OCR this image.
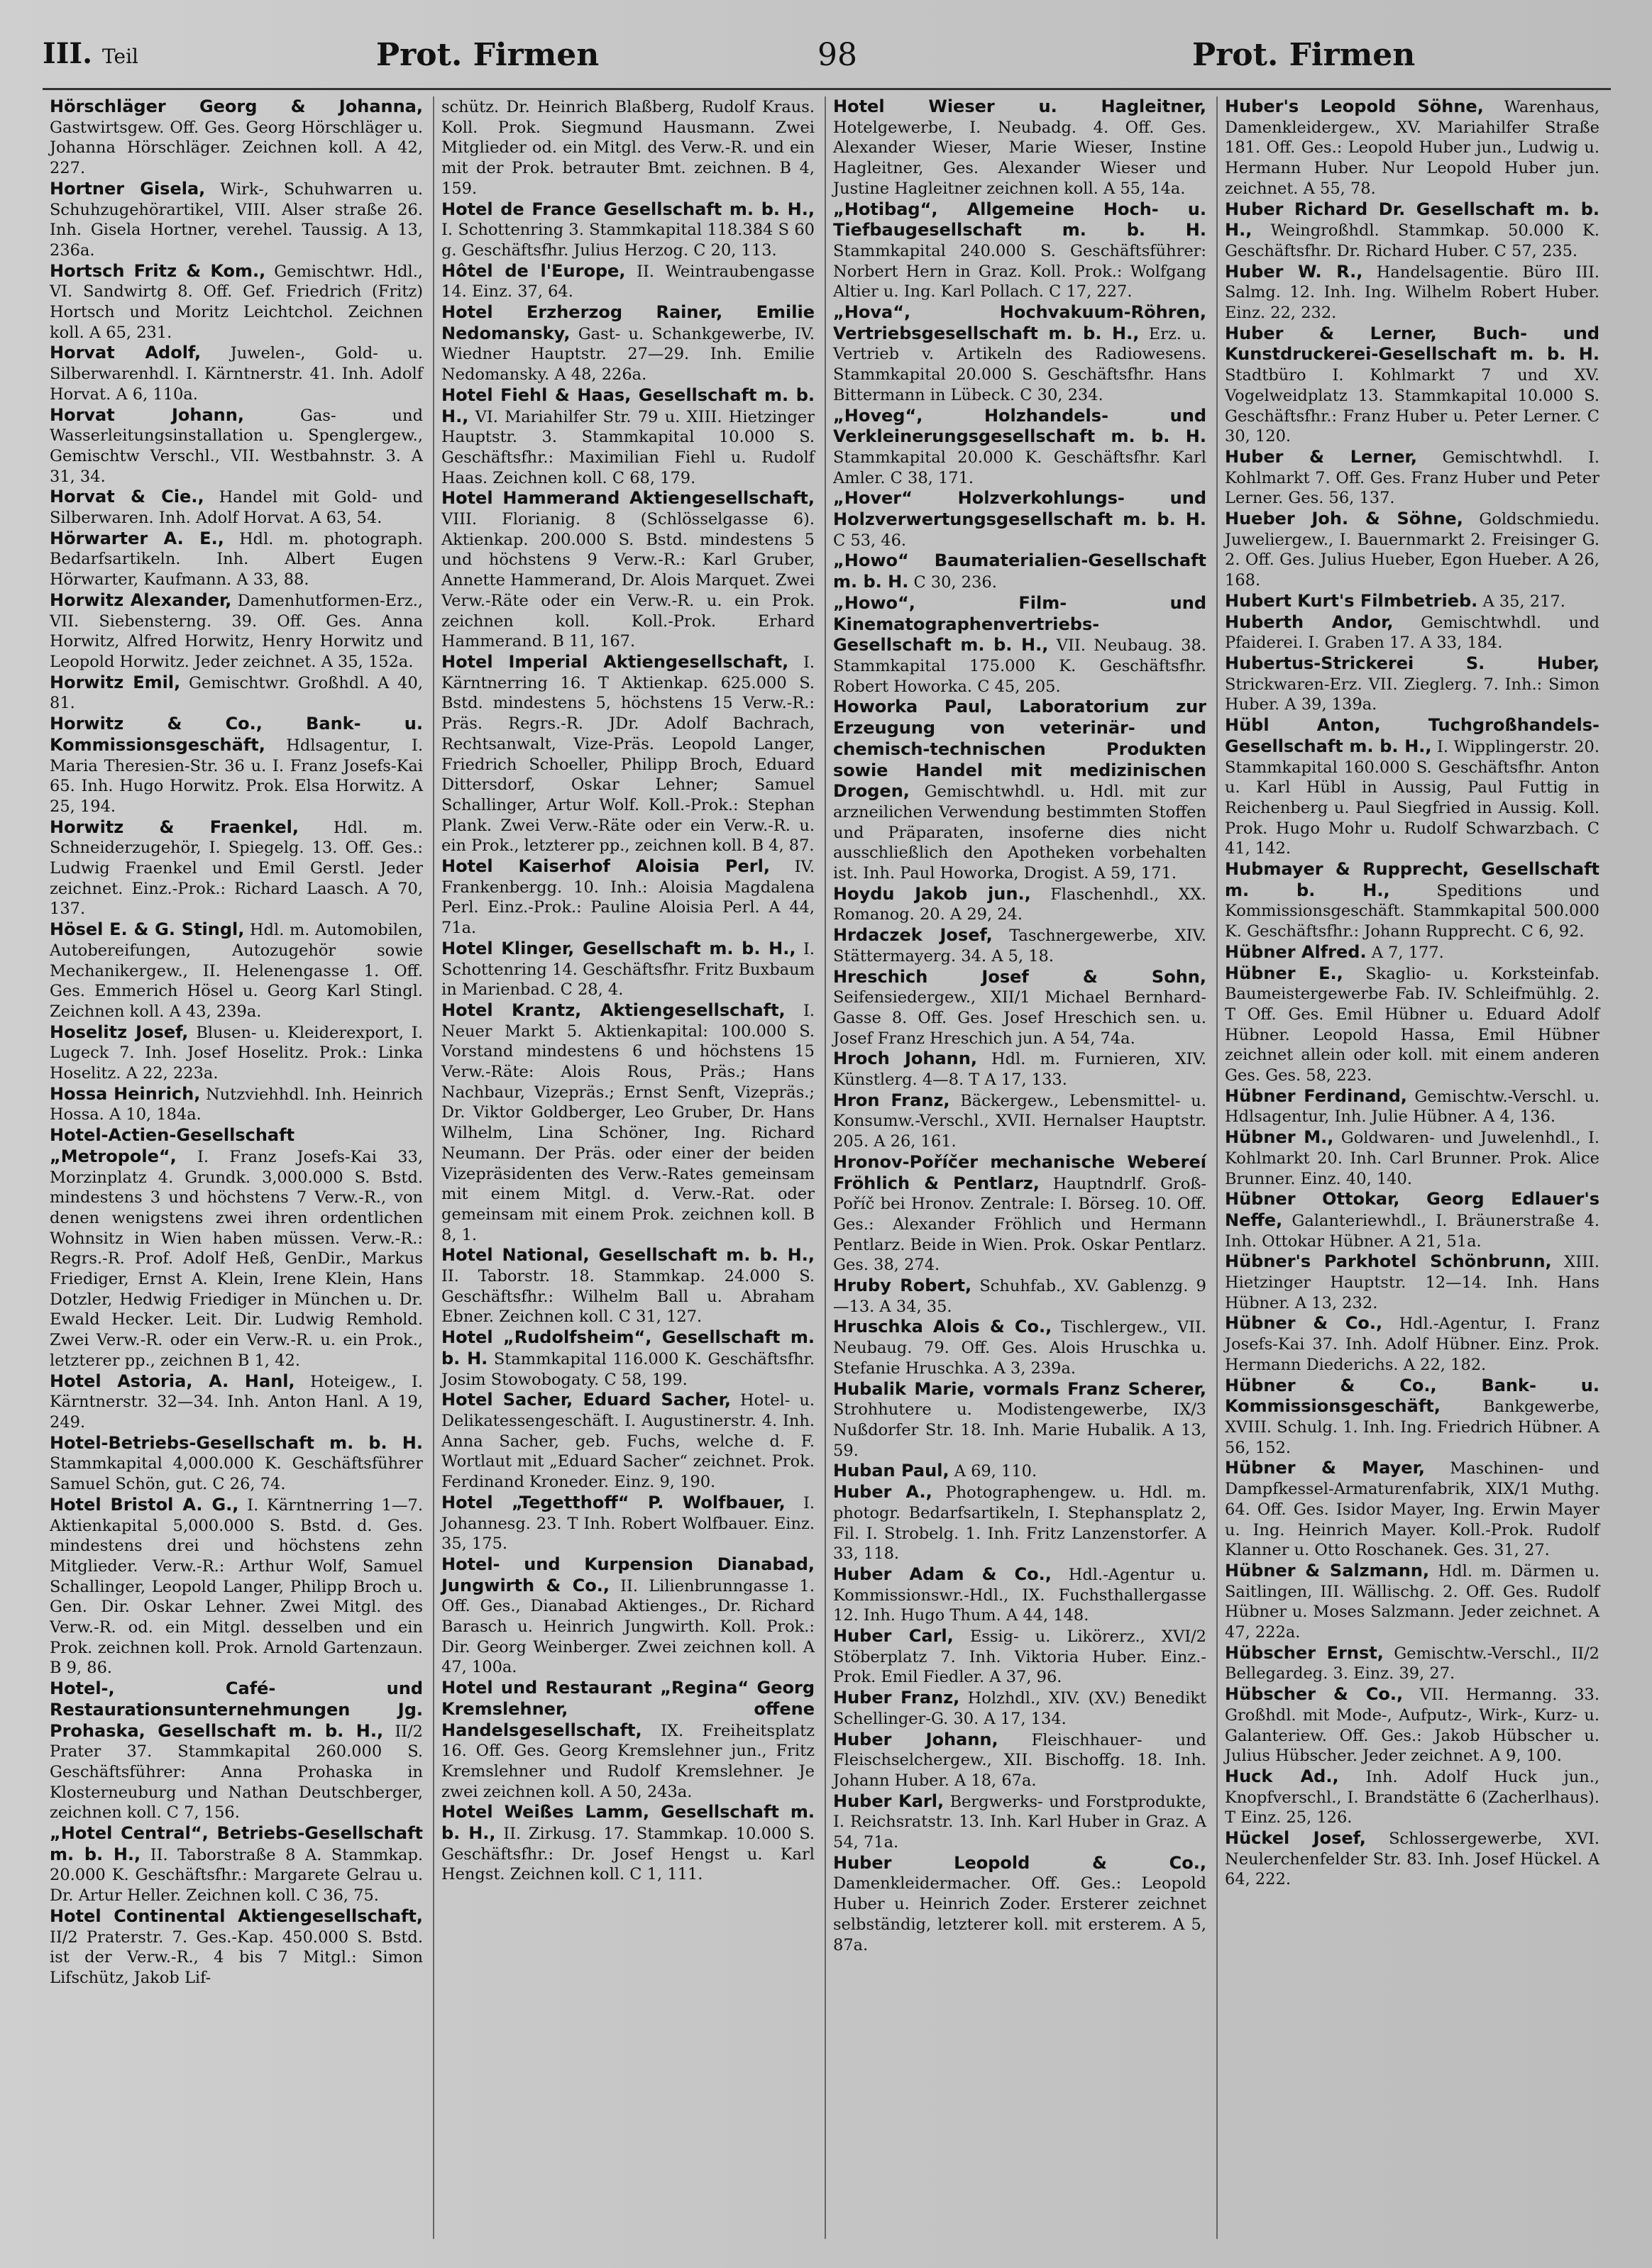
III. Teil	Prot. Firmen	98	Prot. Firmen

Hörschläger Georg & Johanna, Gastwirtsgew. Off. Ges. Georg Hörschläger u. Johanna Hörschläger. Zeichnen koll. A 42, 227.

Hortner Gisela, Wirk-, Schuhwarren u. Schuhzugehörartikel, VIII. Alser straße 26. Inh. Gisela Hortner, verehel. Taussig. A 13, 236a.

Hortsch Fritz & Kom., Gemischtwr. Hdl., VI. Sandwirtg 8. Off. Gef. Friedrich (Fritz) Hortsch und Moritz Leichtchol. Zeichnen koll. A 65, 231.

Horvat Adolf, Juwelen-, Gold- u. Silberwarenhdl. I. Kärntnerstr. 41. Inh. Adolf Horvat. A 6, 110a.

Horvat Johann,	Gas- und Wasserleitungsinstallation u. Spenglergew., Gemischtw Verschl., VII. Westbahnstr. 3. A 31, 34.

Horvat & Cie., Handel mit Gold- und Silberwaren. Inh. Adolf Horvat. A 63, 54.

Hörwarter A. E., Hdl. m. photograph. Bedarfsartikeln. Inh. Albert Eugen Hörwarter, Kaufmann. A 33, 88.

Horwitz Alexander, Damenhutformen-Erz., VII. Siebensterng. 39. Off. Ges. Anna Horwitz, Alfred Horwitz, Henry Horwitz und Leopold Horwitz. Jeder zeichnet. A 35, 152a.

Horwitz Emil, Gemischtwr. Großhdl. A 40, 81.

Horwitz & Co., Bank- u. Kommissionsgeschäft, Hdlsagentur, I. Maria Theresien-Str. 36 u. I. Franz Josefs-Kai 65. Inh. Hugo Horwitz. Prok. Elsa Horwitz. A 25, 194.

Horwitz & Fraenkel, Hdl. m. Schneiderzugehör, I. Spiegelg. 13. Off. Ges.: Ludwig Fraenkel und Emil Gerstl. Jeder zeichnet. Einz.-Prok.: Richard Laasch. A 70, 137.

Hösel E. & G. Stingl, Hdl. m. Automobilen, Autobereifungen, Autozugehör sowie Mechanikergew., II. Helenengasse 1. Off. Ges. Emmerich Hösel u. Georg Karl Stingl. Zeichnen koll. A 43, 239a.

Hoselitz Josef, Blusen- u. Kleiderexport, I. Lugeck 7. Inh. Josef Hoselitz. Prok.: Linka Hoselitz. A 22, 223a.

Hossa Heinrich, Nutzviehhdl. Inh. Heinrich Hossa. A 10, 184a.

Hotel-Actien-Gesellschaft „Metropole“, I. Franz Josefs-Kai 33, Morzinplatz 4. Grundk. 3,000.000 S. Bstd. mindestens 3 und höchstens 7 Verw.-R., von denen wenigstens zwei ihren ordentlichen Wohnsitz in Wien haben müssen. Verw.-R.: Regrs.-R. Prof. Adolf Heß, GenDir., Markus Friediger, Ernst A. Klein, Irene Klein, Hans Dotzler, Hedwig Friediger in München u. Dr. Ewald Hecker. Leit. Dir. Ludwig Remhold. Zwei Verw.-R. oder ein Verw.-R. u. ein Prok., letzterer pp., zeichnen B 1, 42.

Hotel Astoria, A. Hanl, Hoteigew., I. Kärntnerstr. 32—34. Inh. Anton Hanl. A 19, 249.

Hotel-Betriebs-Gesellschaft m. b. H. Stammkapital 4,000.000 K. Geschäftsführer Samuel Schön, gut. C 26, 74.

Hotel Bristol A. G., I. Kärntnerring 1—7. Aktienkapital 5,000.000 S. Bstd. d. Ges. mindestens drei und höchstens zehn Mitglieder. Verw.-R.: Arthur Wolf, Samuel Schallinger, Leopold Langer, Philipp Broch u. Gen. Dir. Oskar Lehner. Zwei Mitgl. des Verw.-R. od. ein Mitgl. desselben und ein Prok. zeichnen koll. Prok. Arnold Gartenzaun. B 9, 86.

Hotel-, Café- und Restaurationsunternehmungen Jg. Prohaska, Gesellschaft m. b. H., II/2 Prater 37. Stammkapital 260.000 S. Geschäftsführer: Anna Prohaska in Klosterneuburg und Nathan Deutschberger, zeichnen koll. C 7, 156.

„Hotel Central“, Betriebs-Gesellschaft m. b. H., II. Taborstraße 8 A. Stammkap. 20.000 K. Geschäftsfhr.: Margarete Gelrau u. Dr. Artur Heller. Zeichnen koll. C 36, 75.

Hotel Continental Aktiengesellschaft, II/2 Praterstr. 7. Ges.-Kap. 450.000 S. Bstd. ist der Verw.-R., 4 bis 7 Mitgl.: Simon Lifschütz, Jakob Lif-

schütz. Dr. Heinrich Blaßberg, Rudolf Kraus. Koll. Prok. Siegmund Hausmann. Zwei Mitglieder od. ein Mitgl. des Verw.-R. und ein mit der Prok. betrauter Bmt. zeichnen. B 4, 159.

Hotel de France Gesellschaft m. b. H., I. Schottenring 3. Stammkapital 118.384 S 60 g. Geschäftsfhr. Julius Herzog. C 20, 113.

Hôtel de l'Europe, II. Weintraubengasse 14. Einz. 37, 64.

Hotel Erzherzog Rainer, Emilie Nedomansky, Gast- u. Schankgewerbe, IV. Wiedner Hauptstr. 27—29. Inh. Emilie Nedomansky. A 48, 226a.

Hotel Fiehl & Haas, Gesellschaft m. b. H., VI. Mariahilfer Str. 79 u. XIII. Hietzinger Hauptstr. 3. Stammkapital 10.000 S. Geschäftsfhr.: Maximilian Fiehl u. Rudolf Haas. Zeichnen koll. C 68, 179.

Hotel Hammerand Aktiengesellschaft, VIII. Florianig. 8 (Schlösselgasse 6). Aktienkap. 200.000 S. Bstd. mindestens 5 und höchstens 9 Verw.-R.: Karl Gruber, Annette Hammerand, Dr. Alois Marquet. Zwei Verw.-Räte oder ein Verw.-R. u. ein Prok. zeichnen koll. Koll.-Prok. Erhard Hammerand. B 11, 167.

Hotel Imperial Aktiengesellschaft, I. Kärntnerring 16. T Aktienkap. 625.000 S. Bstd. mindestens 5, höchstens 15 Verw.-R.: Präs. Regrs.-R. JDr. Adolf Bachrach, Rechtsanwalt, Vize-Präs. Leopold Langer, Friedrich Schoeller, Philipp Broch, Eduard Dittersdorf, Oskar Lehner; Samuel Schallinger, Artur Wolf. Koll.-Prok.: Stephan Plank. Zwei Verw.-Räte oder ein Verw.-R. u. ein Prok., letzterer pp., zeichnen koll. B 4, 87.

Hotel Kaiserhof Aloisia Perl, IV. Frankenbergg. 10. Inh.: Aloisia Magdalena Perl. Einz.-Prok.: Pauline Aloisia Perl. A 44, 71a.

Hotel Klinger, Gesellschaft m. b. H., I. Schottenring 14. Geschäftsfhr. Fritz Buxbaum in Marienbad. C 28, 4.

Hotel Krantz, Aktiengesellschaft, I. Neuer Markt 5. Aktienkapital: 100.000 S. Vorstand mindestens 6 und höchstens 15 Verw.-Räte: Alois Rous, Präs.; Hans Nachbaur, Vizepräs.; Ernst Senft, Vizepräs.; Dr. Viktor Goldberger, Leo Gruber, Dr. Hans Wilhelm, Lina Schöner, Ing. Richard Neumann. Der Präs. oder einer der beiden Vizepräsidenten des Verw.-Rates gemeinsam mit einem Mitgl. d. Verw.-Rat. oder gemeinsam mit einem Prok. zeichnen koll. B 8, 1.

Hotel National, Gesellschaft m. b. H., II. Taborstr. 18. Stammkap. 24.000 S. Geschäftsfhr.: Wilhelm Ball u. Abraham Ebner. Zeichnen koll. C 31, 127.

Hotel „Rudolfsheim“, Gesellschaft m. b. H. Stammkapital 116.000 K. Geschäftsfhr. Josim Stowobogaty. C 58, 199.

Hotel Sacher, Eduard Sacher, Hotel- u. Delikatessengeschäft. I. Augustinerstr. 4. Inh. Anna Sacher, geb. Fuchs, welche d. F. Wortlaut mit „Eduard Sacher“ zeichnet. Prok. Ferdinand Kroneder. Einz. 9, 190.

Hotel „Tegetthoff“ P. Wolfbauer, I. Johannesg. 23. T Inh. Robert Wolfbauer. Einz. 35, 175.

Hotel- und Kurpension Dianabad, Jungwirth & Co., II. Lilienbrunngasse 1. Off. Ges., Dianabad Aktienges., Dr. Richard Barasch u. Heinrich Jungwirth. Koll. Prok.: Dir. Georg Weinberger. Zwei zeichnen koll. A 47, 100a.

Hotel und Restaurant „Regina“ Georg Kremslehner, offene Handelsgesellschaft, IX. Freiheitsplatz 16. Off. Ges. Georg Kremslehner jun., Fritz Kremslehner und Rudolf Kremslehner. Je zwei zeichnen koll. A 50, 243a.

Hotel Weißes Lamm, Gesellschaft m. b. H., II. Zirkusg. 17. Stammkap. 10.000 S. Geschäftsfhr.: Dr. Josef Hengst u. Karl Hengst. Zeichnen koll. C 1, 111.

Hotel Wieser u. Hagleitner, Hotelgewerbe, I. Neubadg. 4. Off. Ges. Alexander Wieser, Marie Wieser, Instine Hagleitner, Ges. Alexander Wieser und Justine Hagleitner zeichnen koll. A 55, 14a.

„Hotibag“, Allgemeine Hoch- u. Tiefbaugesellschaft m. b. H. Stammkapital 240.000 S. Geschäftsführer: Norbert Hern in Graz. Koll. Prok.: Wolfgang Altier u. Ing. Karl Pollach. C 17, 227.

„Hova“, Hochvakuum-Röhren, Vertriebsgesellschaft m. b. H., Erz. u. Vertrieb v. Artikeln des Radiowesens. Stammkapital 20.000 S. Geschäftsfhr. Hans Bittermann in Lübeck. C 30, 234.

„Hoveg“, Holzhandels- und Verkleinerungsgesellschaft m. b. H. Stammkapital 20.000 K. Geschäftsfhr. Karl Amler. C 38, 171.

„Hover“ Holzverkohlungs- und Holzverwertungsgesellschaft m. b. H. C 53, 46.

„Howo“ Baumaterialien-Gesellschaft m. b. H. C 30, 236.

„Howo“, Film- und Kinematographenvertriebs-Gesellschaft m. b. H., VII. Neubaug. 38. Stammkapital 175.000 K. Geschäftsfhr. Robert Howorka. C 45, 205.

Howorka Paul, Laboratorium zur Erzeugung von veterinär- und chemisch-technischen Produkten sowie Handel mit medizinischen Drogen, Gemischtwhdl. u. Hdl. mit zur arzneilichen Verwendung bestimmten Stoffen und Präparaten, insoferne dies nicht ausschließlich den Apotheken vorbehalten ist. Inh. Paul Howorka, Drogist. A 59, 171.

Hoydu Jakob jun., Flaschenhdl., XX. Romanog. 20. A 29, 24.

Hrdaczek Josef, Taschnergewerbe, XIV. Stättermayerg. 34. A 5, 18.

Hreschich Josef & Sohn, Seifensiedergew., XII/1 Michael Bernhard-Gasse 8. Off. Ges. Josef Hreschich sen. u. Josef Franz Hreschich jun. A 54, 74a.

Hroch Johann, Hdl. m. Furnieren, XIV. Künstlerg. 4—8. T A 17, 133.

Hron Franz, Bäckergew., Lebensmittel- u. Konsumw.-Verschl., XVII. Hernalser Hauptstr. 205. A 26, 161.

Hronov-Poříčer mechanische Webereí Fröhlich & Pentlarz, Hauptndrlf. Groß-Poříč bei Hronov. Zentrale: I. Börseg. 10. Off. Ges.: Alexander Fröhlich und Hermann Pentlarz. Beide in Wien. Prok. Oskar Pentlarz. Ges. 38, 274.

Hruby Robert, Schuhfab., XV. Gablenzg. 9—13. A 34, 35.

Hruschka Alois & Co., Tischlergew., VII. Neubaug. 79. Off. Ges. Alois Hruschka u. Stefanie Hruschka. A 3, 239a.

Hubalik Marie, vormals Franz Scherer, Strohhutere u. Modistengewerbe, IX/3 Nußdorfer Str. 18. Inh. Marie Hubalik. A 13, 59.

Huban Paul, A 69, 110.

Huber A., Photographengew. u. Hdl. m. photogr. Bedarfsartikeln, I. Stephansplatz 2, Fil. I. Strobelg. 1. Inh. Fritz Lanzenstorfer. A 33, 118.

Huber Adam & Co., Hdl.-Agentur u. Kommissionswr.-Hdl., IX. Fuchsthallergasse 12. Inh. Hugo Thum. A 44, 148.

Huber Carl, Essig- u. Likörerz., XVI/2 Stöberplatz 7. Inh. Viktoria Huber. Einz.-Prok. Emil Fiedler. A 37, 96.

Huber Franz, Holzhdl., XIV. (XV.) Benedikt Schellinger-G. 30. A 17, 134.

Huber Johann, Fleischhauer- und Fleischselchergew., XII. Bischoffg. 18. Inh. Johann Huber. A 18, 67a.

Huber Karl, Bergwerks- und Forstprodukte, I. Reichsratstr. 13. Inh. Karl Huber in Graz. A 54, 71a.

Huber Leopold & Co., Damenkleidermacher. Off. Ges.: Leopold Huber u. Heinrich Zoder. Ersterer zeichnet selbständig, letzterer koll. mit ersterem. A 5, 87a.

Huber's Leopold Söhne, Warenhaus, Damenkleidergew., XV. Mariahilfer Straße 181. Off. Ges.: Leopold Huber jun., Ludwig u. Hermann Huber. Nur Leopold Huber jun. zeichnet. A 55, 78.

Huber Richard Dr. Gesellschaft m. b. H., Weingroßhdl. Stammkap. 50.000 K. Geschäftsfhr. Dr. Richard Huber. C 57, 235.

Huber W. R., Handelsagentie. Büro III. Salmg. 12. Inh. Ing. Wilhelm Robert Huber. Einz. 22, 232.

Huber & Lerner, Buch- und Kunstdruckerei-Gesellschaft m. b. H. Stadtbüro I. Kohlmarkt 7 und XV. Vogelweidplatz 13. Stammkapital 10.000 S. Geschäftsfhr.: Franz Huber u. Peter Lerner. C 30, 120.

Huber & Lerner, Gemischtwhdl. I. Kohlmarkt 7. Off. Ges. Franz Huber und Peter Lerner. Ges. 56, 137.

Hueber Joh. & Söhne, Goldschmiedu. Juweliergew., I. Bauernmarkt 2. Freisinger G. 2. Off. Ges. Julius Hueber, Egon Hueber. A 26, 168.

Hubert Kurt's Filmbetrieb. A 35, 217.

Huberth Andor, Gemischtwhdl. und Pfaiderei. I. Graben 17. A 33, 184.

Hubertus-Strickerei S. Huber, Strickwaren-Erz. VII. Zieglerg. 7. Inh.: Simon Huber. A 39, 139a.

Hübl Anton, Tuchgroßhandels-Gesellschaft m. b. H., I. Wipplingerstr. 20. Stammkapital 160.000 S. Geschäftsfhr. Anton u. Karl Hübl in Aussig, Paul Futtig in Reichenberg u. Paul Siegfried in Aussig. Koll. Prok. Hugo Mohr u. Rudolf Schwarzbach. C 41, 142.

Hubmayer & Rupprecht, Gesellschaft m. b. H.,	Speditions und Kommissionsgeschäft. Stammkapital 500.000 K. Geschäftsfhr.: Johann Rupprecht. C 6, 92.

Hübner Alfred. A 7, 177.

Hübner E., Skaglio- u. Korksteinfab. Baumeistergewerbe Fab. IV. Schleifmühlg. 2. T Off. Ges. Emil Hübner u. Eduard Adolf Hübner. Leopold Hassa, Emil Hübner zeichnet allein oder koll. mit einem anderen Ges. Ges. 58, 223.

Hübner Ferdinand, Gemischtw.-Verschl. u. Hdlsagentur, Inh. Julie Hübner. A 4, 136.

Hübner M., Goldwaren- und Juwelenhdl., I. Kohlmarkt 20. Inh. Carl Brunner. Prok. Alice Brunner. Einz. 40, 140.

Hübner Ottokar, Georg Edlauer's Neffe, Galanteriewhdl., I. Bräunerstraße 4. Inh. Ottokar Hübner. A 21, 51a.

Hübner's Parkhotel Schönbrunn, XIII. Hietzinger Hauptstr. 12—14. Inh. Hans Hübner. A 13, 232.

Hübner & Co., Hdl.-Agentur, I. Franz Josefs-Kai 37. Inh. Adolf Hübner. Einz. Prok. Hermann Diederichs. A 22, 182.

Hübner & Co., Bank- u. Kommissionsgeschäft,	Bankgewerbe, XVIII. Schulg. 1. Inh. Ing. Friedrich Hübner. A 56, 152.

Hübner & Mayer, Maschinen- und Dampfkessel-Armaturenfabrik, XIX/1 Muthg. 64. Off. Ges. Isidor Mayer, Ing. Erwin Mayer u. Ing. Heinrich Mayer. Koll.-Prok. Rudolf Klanner u. Otto Roschanek. Ges. 31, 27.

Hübner & Salzmann, Hdl. m. Därmen u. Saitlingen, III. Wällischg. 2. Off. Ges. Rudolf Hübner u. Moses Salzmann. Jeder zeichnet. A 47, 222a.

Hübscher Ernst, Gemischtw.-Verschl., II/2 Bellegardeg. 3. Einz. 39, 27.

Hübscher & Co., VII. Hermanng. 33. Großhdl. mit Mode-, Aufputz-, Wirk-, Kurz- u. Galanteriew. Off. Ges.: Jakob Hübscher u. Julius Hübscher. Jeder zeichnet. A 9, 100.

Huck Ad., Inh. Adolf Huck jun., Knopfverschl., I. Brandstätte 6 (Zacherlhaus). T Einz. 25, 126.

Hückel Josef, Schlossergewerbe, XVI. Neulerchenfelder Str. 83. Inh. Josef Hückel. A 64, 222.
